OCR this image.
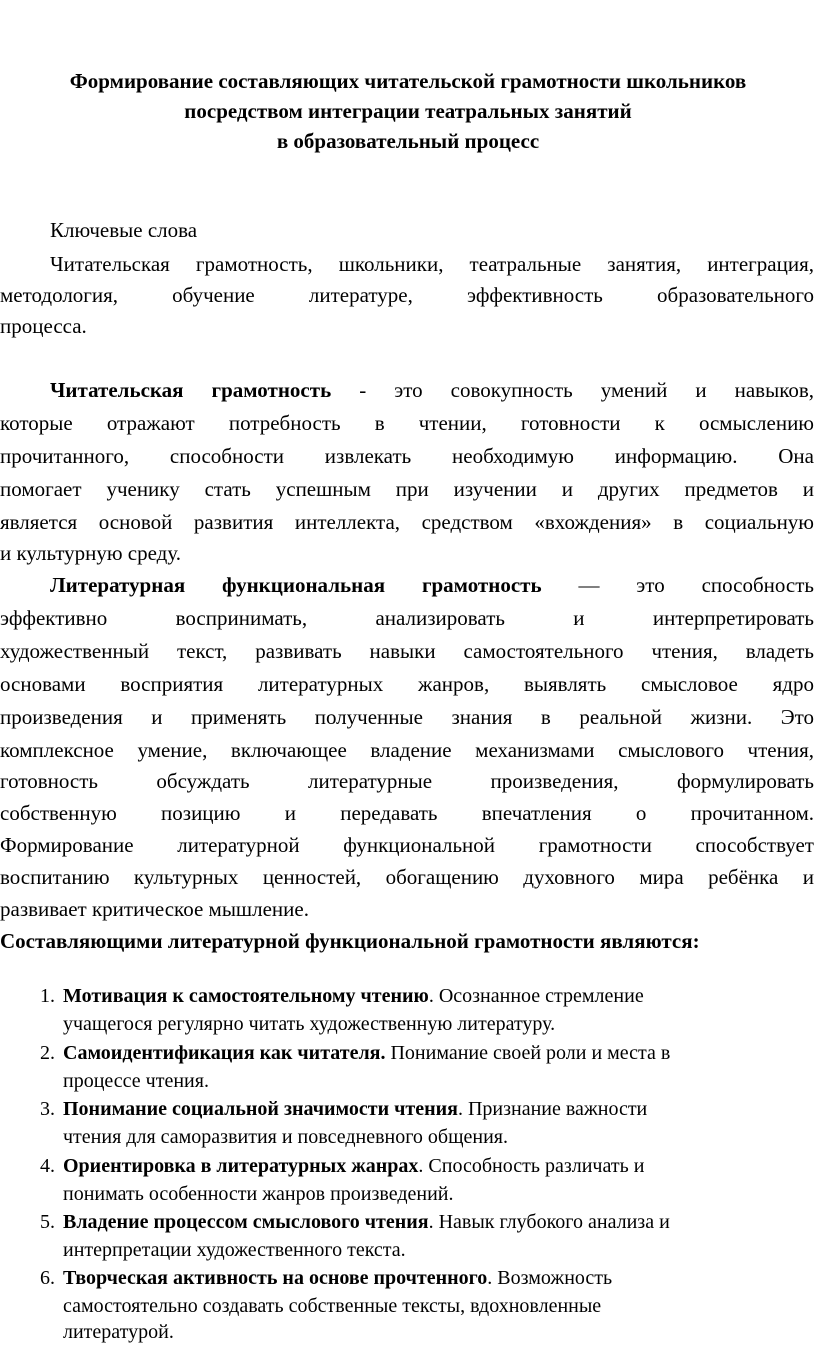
Формирование составляющих читательской грамотности школьников
посредством интеграции театральных занятий
в образовательный процесс
Ключевые слова
Читательская грамотность, школьники, театральные занятия, интеграция,
методология, обучение литературе, эффективность образовательного
процесса.
Читательская грамотность - это совокупность умений и навыков,
которые отражают потребность в чтении, готовности к осмыслению
прочитанного, способности извлекать необходимую информацию. Она
помогает ученику стать успешным при изучении и других предметов и
является основой развития интеллекта, средством «вхождения» в социальную
и культурную среду.
Литературная функциональная грамотность — это способность
эффективно воспринимать, анализировать и интерпретировать
художественный текст, развивать навыки самостоятельного чтения, владеть
основами восприятия литературных жанров, выявлять смысловое ядро
произведения и применять полученные знания в реальной жизни. Это
комплексное умение, включающее владение механизмами смыслового чтения,
готовность обсуждать литературные произведения, формулировать
собственную позицию и передавать впечатления о прочитанном.
Формирование литературной функциональной грамотности способствует
воспитанию культурных ценностей, обогащению духовного мира ребёнка и
развивает критическое мышление.
Составляющими литературной функциональной грамотности являются:
1. Мотивация к самостоятельному чтению. Осознанное стремление
учащегося регулярно читать художественную литературу.
2. Самоидентификация как читателя. Понимание своей роли и места в
процессе чтения.
3. Понимание социальной значимости чтения. Признание важности
чтения для саморазвития и повседневного общения.
4. Ориентировка в литературных жанрах. Способность различать и
понимать особенности жанров произведений.
5. Владение процессом смыслового чтения. Навык глубокого анализа и
интерпретации художественного текста.
6. Творческая активность на основе прочтенного. Возможность
самостоятельно создавать собственные тексты, вдохновленные
литературой.
